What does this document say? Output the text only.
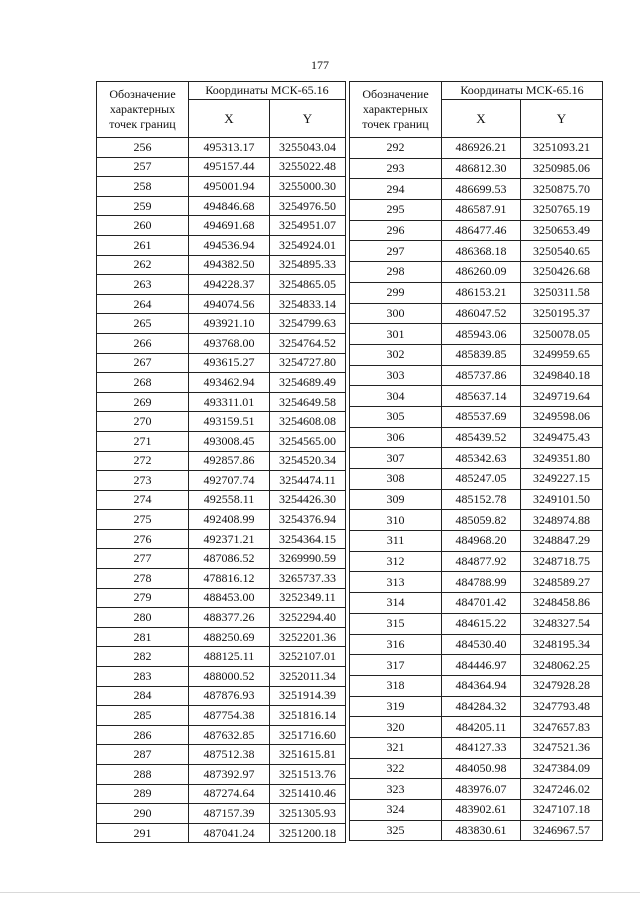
177
Обозначение
характерных
точек границ	Координаты МСК-65.16	
	X	Y
256	495313.17	3255043.04
257	495157.44	3255022.48
258	495001.94	3255000.30
259	494846.68	3254976.50
260	494691.68	3254951.07
261	494536.94	3254924.01
262	494382.50	3254895.33
263	494228.37	3254865.05
264	494074.56	3254833.14
265	493921.10	3254799.63
266	493768.00	3254764.52
267	493615.27	3254727.80
268	493462.94	3254689.49
269	493311.01	3254649.58
270	493159.51	3254608.08
271	493008.45	3254565.00
272	492857.86	3254520.34
273	492707.74	3254474.11
274	492558.11	3254426.30
275	492408.99	3254376.94
276	492371.21	3254364.15
277	487086.52	3269990.59
278	478816.12	3265737.33
279	488453.00	3252349.11
280	488377.26	3252294.40
281	488250.69	3252201.36
282	488125.11	3252107.01
283	488000.52	3252011.34
284	487876.93	3251914.39
285	487754.38	3251816.14
286	487632.85	3251716.60
287	487512.38	3251615.81
288	487392.97	3251513.76
289	487274.64	3251410.46
290	487157.39	3251305.93
291	487041.24	3251200.18
Обозначение
характерных
точек границ	Координаты МСК-65.16	
	X	Y
292	486926.21	3251093.21
293	486812.30	3250985.06
294	486699.53	3250875.70
295	486587.91	3250765.19
296	486477.46	3250653.49
297	486368.18	3250540.65
298	486260.09	3250426.68
299	486153.21	3250311.58
300	486047.52	3250195.37
301	485943.06	3250078.05
302	485839.85	3249959.65
303	485737.86	3249840.18
304	485637.14	3249719.64
305	485537.69	3249598.06
306	485439.52	3249475.43
307	485342.63	3249351.80
308	485247.05	3249227.15
309	485152.78	3249101.50
310	485059.82	3248974.88
311	484968.20	3248847.29
312	484877.92	3248718.75
313	484788.99	3248589.27
314	484701.42	3248458.86
315	484615.22	3248327.54
316	484530.40	3248195.34
317	484446.97	3248062.25
318	484364.94	3247928.28
319	484284.32	3247793.48
320	484205.11	3247657.83
321	484127.33	3247521.36
322	484050.98	3247384.09
323	483976.07	3247246.02
324	483902.61	3247107.18
325	483830.61	3246967.57
